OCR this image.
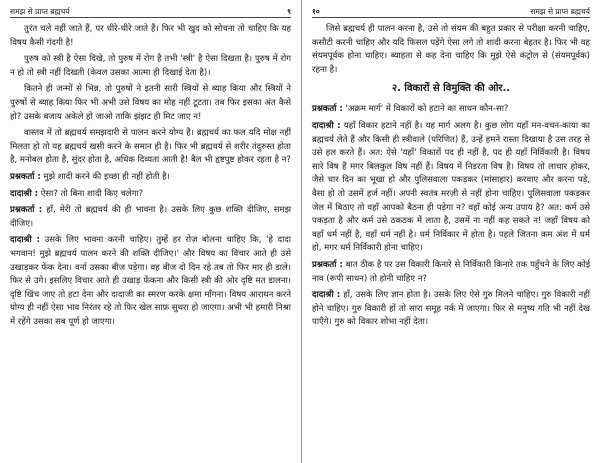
समझ से प्राप्त ब्रह्मचर्य	९

तुरंत चले नहीं जाते हैं, पर धीरे-धीरे जाते हैं। फिर भी खुद को सोचना तो चाहिए कि यह विषय कैसी गंदगी है!

पुरुष को स्त्री है ऐसा दिखे, तो पुरुष में रोग है तभी 'स्त्री' है ऐसा दिखता है। पुरुष में रोग न हो तो स्त्री नहीं दिखती (केवल उसका आत्मा ही दिखाई देता है)।

कितने ही जन्मों से भिन्न, तो पुरुषों ने इतनी सारी स्त्रियों से ब्याह किया और स्त्रियों ने पुरुषों से ब्याह किया फिर भी अभी उसे विषय का मोह नहीं टूटता। तब फिर इसका अंत कैसे हो? उसके बजाय अकेले हो जाओ ताकि झंझट ही मिट जाए न!

वास्तव में तो ब्रह्मचर्य समझदारी से पालन करने योग्य है। ब्रह्मचर्य का फल यदि मोक्ष नहीं मिलता हो तो यह ब्रह्मचर्य खसी करने के समान ही है। फिर भी ब्रह्मचर्य से शरीर तंदुरुस्त होता है, मनोबल होता है, सुंदर होता है, अधिक दिव्यता आती है! बैल भी हृष्टपुष्ट होकर रहता है न?

प्रश्नकर्ता : मुझे शादी करने की इच्छा ही नहीं होती है।

दादाश्री : ऐसा? तो बिना शादी किए चलेगा?

प्रश्नकर्ता : हाँ, मेरी तो ब्रह्मचर्य की ही भावना है। उसके लिए कुछ शक्ति दीजिए, समझ दीजिए।

दादाश्री : उसके लिए भावना करनी चाहिए। तुम्हें हर रोज़ बोलना चाहिए कि, 'हे दादा भगवान! मुझे ब्रह्मचर्य पालन करने की शक्ति दीजिए।' और विषय का विचार आते ही उसे उखाड़कर फेंक देना। वर्ना उसका बीज पड़ेगा। वह बीज दो दिन रहे तब तो फिर मार ही डाले। फिर से उगे। इसलिए विचार आते ही उखाड़ फेंकना और किसी स्त्री की ओर दृष्टि मत डालना। दृष्टि खिंच जाए तो हटा देना और दादाजी का स्मरण करके क्षमा माँगना। विषय आराधन करने योग्य ही नहीं ऐसा भाव निरंतर रहे तो फिर खेल साफ़ सुथरा हो जाएगा। अभी भी हमारी निश्रा में रहेंगे उसका सब पूर्ण हो जाएगा।

१०	समझ से प्राप्त ब्रह्मचर्य

जिसे ब्रह्मचर्य ही पालन करना है, उसे तो संयम की बहुत प्रकार से परीक्षा करनी चाहिए, कसौटी करनी चाहिए और यदि फिसल पड़ेंगे ऐसा लगे तो शादी करना बेहतर है। फिर भी वह संयमपूर्वक होना चाहिए। ब्याहता से कह देना चाहिए कि मुझे ऐसे कंट्रोल से (संयमपूर्वक) रहना है।

२. विकारों से विमुक्ति की ओर..

प्रश्नकर्ता : 'अक्रम मार्ग' में विकारों को हटाने का साधन कौन-सा?

दादाश्री : यहाँ विकार हटाने नहीं है। यह मार्ग अलग है। कुछ लोग यहाँ मन-वचन-काया का ब्रह्मचर्य लेते हैं और किसी ही स्त्रीवाले (परिणित) हैं, उन्हें हमने रास्ता दिखाया है उस तरह से उसे हल करते हैं। अत: ऐसे 'यहाँ' विकारों पद ही नहीं है, पद ही यहाँ निर्विकारी है। विषय सारे विष हैं मगर बिलकुल विष नहीं हैं। विषय में निडरता विष है। विषय तो लाचार होकर, जैसे चार दिन का भूखा हो और पुलिसवाला पकड़कर (मांसाहार) करवाए और करना पड़े, वैसा हो तो उसमें हर्ज नहीं। अपनी स्वतंत्र मरज़ी से नहीं होना चाहिए। पुलिसवाला पकड़कर जेल में बिठाए तो वहाँ आपको बैठना ही पड़ेगा न? वहाँ कोई अन्य उपाय है? अत: कर्म उसे पकड़ता है और कर्म उसे ठकठक में लाता है, उसमें ना नहीं कह सकते न! जहाँ विषय को वहाँ धर्म नहीं है, वहाँ धर्म नहीं है। धर्म निर्विकार में होता है। पहले जितना कम अंश में धर्म हो, मगर धर्म निर्विकारी होना चाहिए।

प्रश्नकर्ता : बात ठीक है पर उस विकारी किनारे से निर्विकारी किनारे तक पहुँचने के लिए कोई नाव (रूपी साधन) तो होनी चाहिए न?

दादाश्री : हाँ, उसके लिए ज्ञान होता है। उसके लिए ऐसे गुरु मिलने चाहिए। गुरु विकारी नहीं होने चाहिए। गुरु विकारी हों तो सारा समूह नर्क में जाएगा। फिर से मनुष्य गति भी नहीं देख पाएँगे। गुरु को विकार शोभा नहीं देता।
